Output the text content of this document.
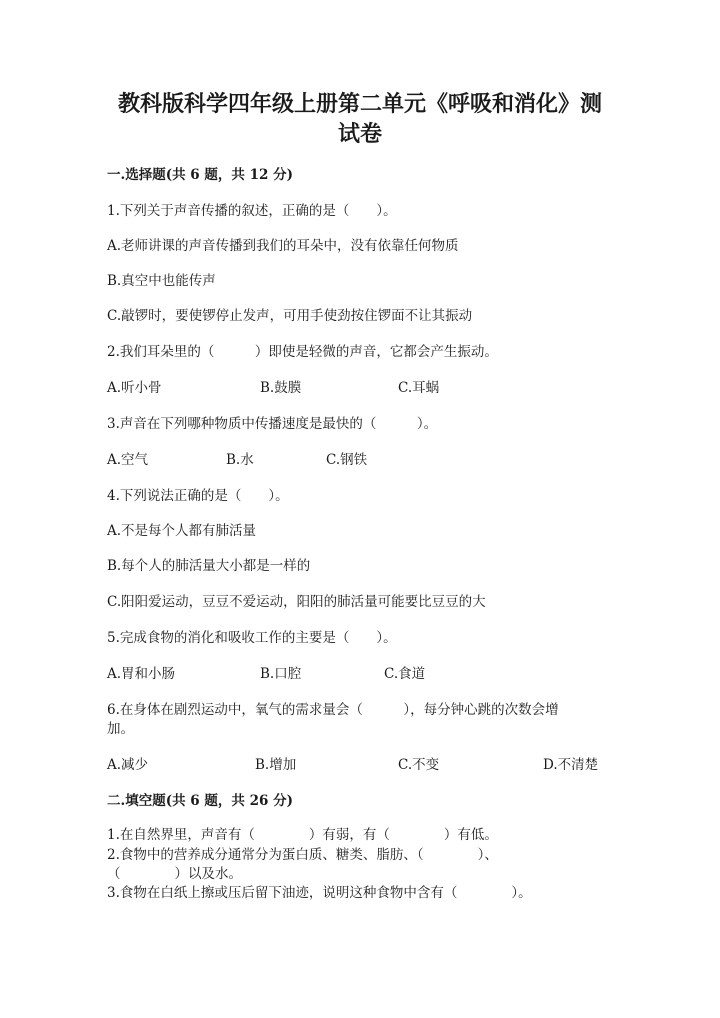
教科版科学四年级上册第二单元《呼吸和消化》测
试卷

一.选择题(共 6 题，共 12 分)

1.下列关于声音传播的叙述，正确的是（　　）。

A.老师讲课的声音传播到我们的耳朵中，没有依靠任何物质

B.真空中也能传声

C.敲锣时，要使锣停止发声，可用手使劲按住锣面不让其振动

2.我们耳朵里的（　　　）即使是轻微的声音，它都会产生振动。

A.听小骨	B.鼓膜	C.耳蜗

3.声音在下列哪种物质中传播速度是最快的（　　　）。

A.空气	B.水	C.钢铁

4.下列说法正确的是（　　）。

A.不是每个人都有肺活量

B.每个人的肺活量大小都是一样的

C.阳阳爱运动，豆豆不爱运动，阳阳的肺活量可能要比豆豆的大

5.完成食物的消化和吸收工作的主要是（　　）。

A.胃和小肠	B.口腔	C.食道

6.在身体在剧烈运动中，氧气的需求量会（　　　），每分钟心跳的次数会增

加。

A.减少	B.增加	C.不变	D.不清楚

二.填空题(共 6 题，共 26 分)

1.在自然界里，声音有（　　　　）有弱，有（　　　　）有低。

2.食物中的营养成分通常分为蛋白质、糖类、脂肪、（　　　　）、

（　　　　）以及水。

3.食物在白纸上擦或压后留下油迹，说明这种食物中含有（　　　　）。
